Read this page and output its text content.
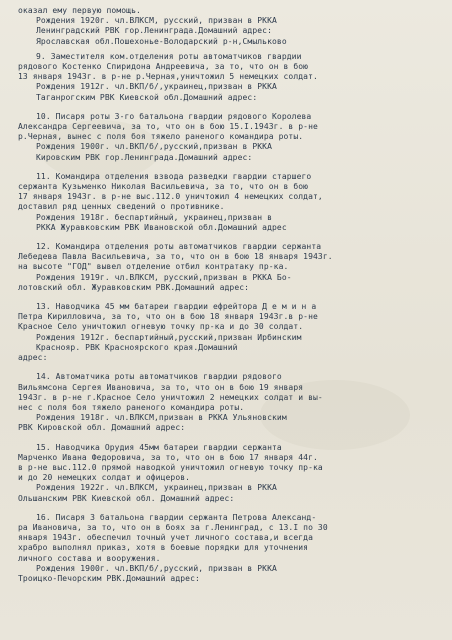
оказал ему первую помощь.
Рождения 1920г. чл.ВЛКСМ, русский, призван в РККА
Ленинградский РВК гор.Ленинграда.Домашний адрес:
Ярославская обл.Пошехонье-Володарский р-н,Смыльково
9. Заместителя ком.отделения роты автоматчиков гвардии
рядового Костенко Спиридона Андреевича, за то, что он в бою
13 января 1943г. в р-не р.Черная,уничтожил 5 немецких солдат.
Рождения 1912г. чл.ВКП/б/,украинец,призван в РККА
Таганрогским РВК Киевской обл.Домашний адрес:
10. Писаря роты 3-го батальона гвардии рядового Королева
Александра Сергеевича, за то, что он в бою 15.I.1943г. в р-не
р.Черная, вынес с поля боя тяжело раненого командира роты.
Рождения 1900г. чл.ВКП/б/,русский,призван в РККА
Кировским РВК гор.Ленинграда.Домашний адрес:
11. Командира отделения взвода разведки гвардии старшего
сержанта Кузьменко Николая Васильевича, за то, что он в бою
17 января 1943г. в р-не выс.112.0 уничтожил 4 немецких солдат,
доставил ряд ценных сведений о противнике.
Рождения 1918г. беспартийный, украинец,призван в
РККА Журавковским РВК Ивановской обл.Домашний адрес
12. Командира отделения роты автоматчиков гвардии сержанта
Лебедева Павла Васильевича, за то, что он в бою 18 января 1943г.
на высоте "ГОД" вывел отделение отбил контратаку пр-ка.
Рождения 1919г. чл.ВЛКСМ, русский,призван в РККА Бо-
лотовский обл. Журавковским РВК.Домашний адрес:
13. Наводчика 45 мм батареи гвардии ефрейтора Д е м и н а
Петра Кирилловича, за то, что он в бою 18 января 1943г.в р-не
Красное Село уничтожил огневую точку пр-ка и до 30 солдат.
Рождения 1912г. беспартийный,русский,призван Ирбинским
Краснояр. РВК Красноярского края.Домашний
адрес:
14. Автоматчика роты автоматчиков гвардии рядового
Вильямсона Сергея Ивановича, за то, что он в бою 19 января
1943г. в р-не г.Красное Село уничтожил 2 немецких солдат и вы-
нес с поля боя тяжело раненого командира роты.
Рождения 1918г. чл.ВЛКСМ,призван в РККА Ульяновским
РВК Кировской обл. Домашний адрес:
15. Наводчика Орудия 45мм батареи гвардии сержанта
Марченко Ивана Федоровича, за то, что он в бою 17 января 44г.
в р-не выс.112.0 прямой наводкой уничтожил огневую точку пр-ка
и до 20 немецких солдат и офицеров.
Рождения 1922г. чл.ВЛКСМ, украинец,призван в РККА
Ольшанским РВК Киевской обл. Домашний адрес:
16. Писаря 3 батальона гвардии сержанта Петрова Александ-
ра Ивановича, за то, что он в боях за г.Ленинград, с 13.I по 30
января 1943г. обеспечил точный учет личного состава,и всегда
храбро выполнял приказ, хотя в боевые порядки для уточнения
личного состава и вооружения.
Рождения 1900г. чл.ВКП/б/,русский, призван в РККА
Троицко-Печорским РВК.Домашний адрес:
